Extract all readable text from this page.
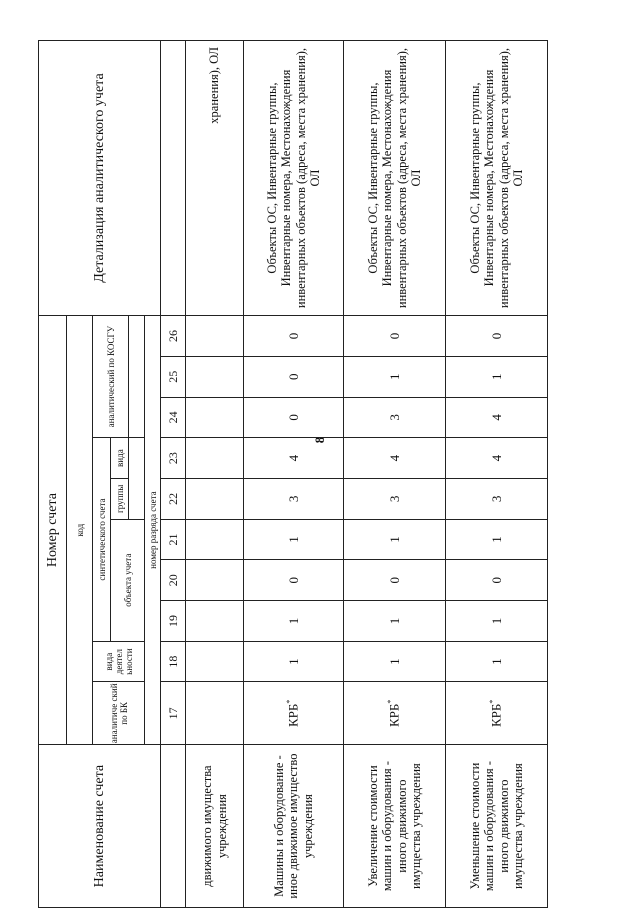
8
Наименование счета	Номер счета										Детализация аналитического учета
	код										
	аналитиче ский по БК	вида деятел ьности	синтетического счета					аналитический по КОСГУ			
			объекта учета			группы	вида				

	номер разряда счета										
	17	18	19	20	21	22	23	24	25	26	
движимого имущества учреждения											хранения), ОЛ
Машины и оборудование - иное движимое имущество учреждения	КРБ*	1	1	0	1	3	4	0	0	0	Объекты ОС, Инвентарные группы, Инвентарные номера, Местонахождения инвентарных объектов (адреса, места хранения), ОЛ
Увеличение стоимости машин и оборудования - иного движимого имущества учреждения	КРБ*	1	1	0	1	3	4	3	1	0	Объекты ОС, Инвентарные группы, Инвентарные номера, Местонахождения инвентарных объектов (адреса, места хранения), ОЛ
Уменьшение стоимости машин и оборудования - иного движимого имущества учреждения	КРБ*	1	1	0	1	3	4	4	1	0	Объекты ОС, Инвентарные группы, Инвентарные номера, Местонахождения инвентарных объектов (адреса, места хранения), ОЛ
